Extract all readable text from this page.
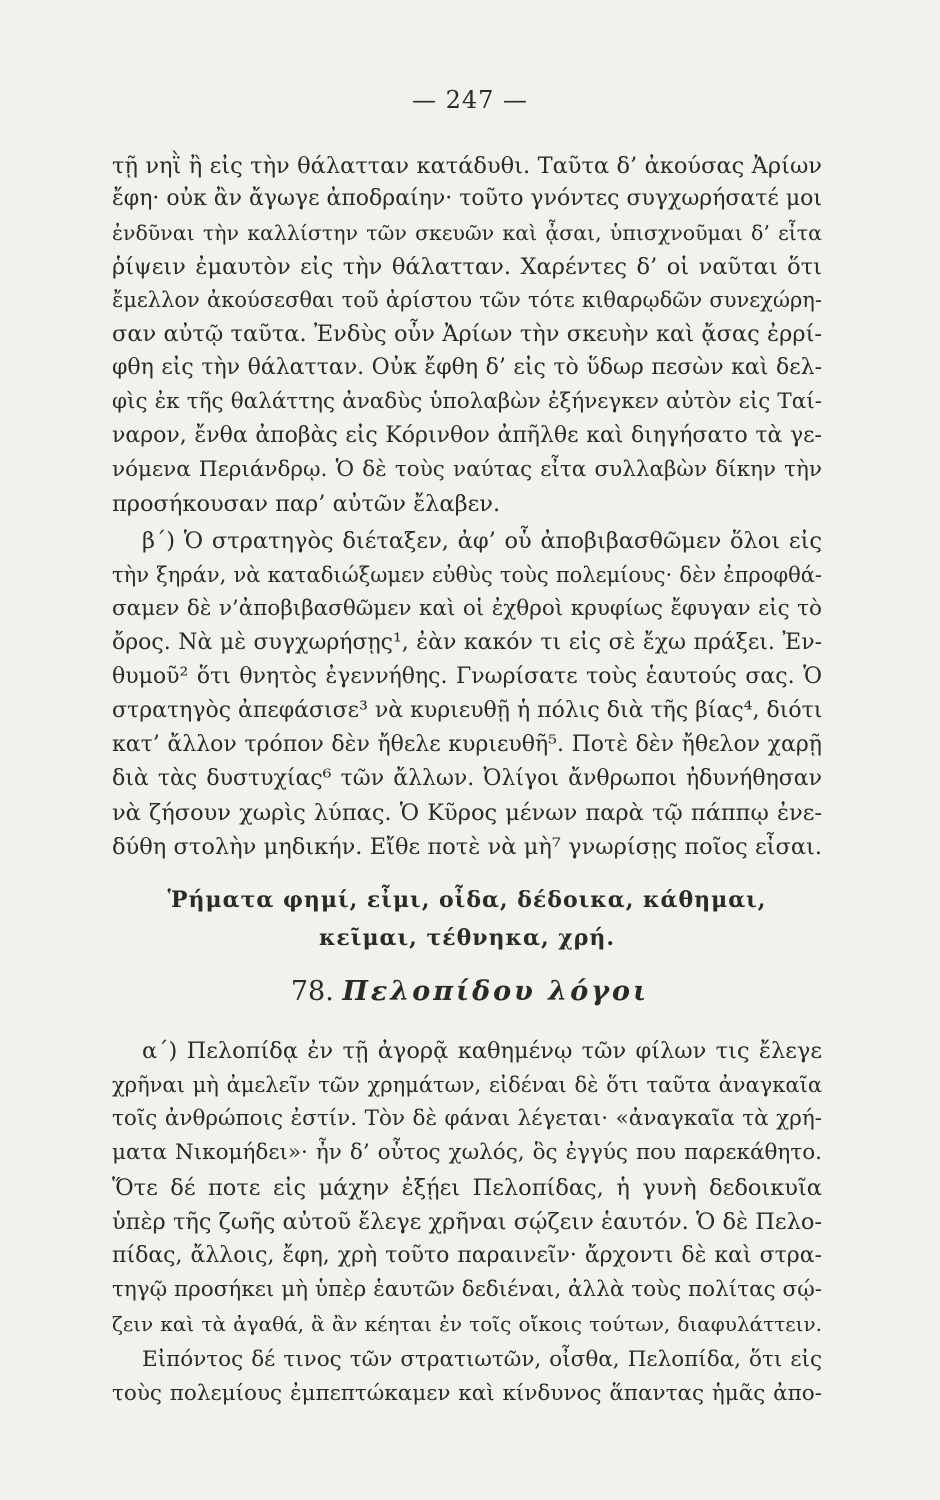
— 247 —
τῇ νηῒ ἢ εἰς τὴν θάλατταν κατάδυθι. Ταῦτα δ’ ἀκούσας Ἀρίων
ἔφη· οὐκ ἂν ἄγωγε ἀποδραίην· τοῦτο γνόντες συγχωρήσατέ μοι
ἐνδῦναι τὴν καλλίστην τῶν σκευῶν καὶ ᾆσαι, ὑπισχνοῦμαι δ’ εἶτα
ῥίψειν ἐμαυτὸν εἰς τὴν θάλατταν. Χαρέντες δ’ οἱ ναῦται ὅτι
ἔμελλον ἀκούσεσθαι τοῦ ἀρίστου τῶν τότε κιθαρῳδῶν συνεχώρη-
σαν αὐτῷ ταῦτα. Ἐνδὺς οὖν Ἀρίων τὴν σκευὴν καὶ ᾄσας ἐρρί-
φθη εἰς τὴν θάλατταν. Οὐκ ἔφθη δ’ εἰς τὸ ὕδωρ πεσὼν καὶ δελ-
φὶς ἐκ τῆς θαλάττης ἀναδὺς ὑπολαβὼν ἐξήνεγκεν αὐτὸν εἰς Ταί-
ναρον, ἔνθα ἀποβὰς εἰς Κόρινθον ἀπῆλθε καὶ διηγήσατο τὰ γε-
νόμενα Περιάνδρῳ. Ὁ δὲ τοὺς ναύτας εἶτα συλλαβὼν δίκην τὴν
προσήκουσαν παρ’ αὐτῶν ἔλαβεν.
β΄) Ὁ στρατηγὸς διέταξεν, ἀφ’ οὗ ἀποβιβασθῶμεν ὅλοι εἰς
τὴν ξηράν, νὰ καταδιώξωμεν εὐθὺς τοὺς πολεμίους· δὲν ἐπροφθά-
σαμεν δὲ ν’ἀποβιβασθῶμεν καὶ οἱ ἐχθροὶ κρυφίως ἔφυγαν εἰς τὸ
ὄρος. Νὰ μὲ συγχωρήσῃς¹, ἐὰν κακόν τι εἰς σὲ ἔχω πράξει. Ἐν-
θυμοῦ² ὅτι θνητὸς ἐγεννήθης. Γνωρίσατε τοὺς ἑαυτούς σας. Ὁ
στρατηγὸς ἀπεφάσισε³ νὰ κυριευθῇ ἡ πόλις διὰ τῆς βίας⁴, διότι
κατ’ ἄλλον τρόπον δὲν ἤθελε κυριευθῆ⁵. Ποτὲ δὲν ἤθελον χαρῇ
διὰ τὰς δυστυχίας⁶ τῶν ἄλλων. Ὀλίγοι ἄνθρωποι ἠδυνήθησαν
νὰ ζήσουν χωρὶς λύπας. Ὁ Κῦρος μένων παρὰ τῷ πάππῳ ἐνε-
δύθη στολὴν μηδικήν. Εἴθε ποτὲ νὰ μὴ⁷ γνωρίσῃς ποῖος εἶσαι.
Ῥήματα φημί, εἶμι, οἶδα, δέδοικα, κάθημαι,
κεῖμαι, τέθνηκα, χρή.
78. Πελοπίδου λόγοι
α΄) Πελοπίδᾳ ἐν τῇ ἀγορᾷ καθημένῳ τῶν φίλων τις ἔλεγε
χρῆναι μὴ ἀμελεῖν τῶν χρημάτων, εἰδέναι δὲ ὅτι ταῦτα ἀναγκαῖα
τοῖς ἀνθρώποις ἐστίν. Τὸν δὲ φάναι λέγεται· «ἀναγκαῖα τὰ χρή-
ματα Νικομήδει»· ἦν δ’ οὗτος χωλός, ὃς ἐγγύς που παρεκάθητο.
Ὅτε δέ ποτε εἰς μάχην ἐξῄει Πελοπίδας, ἡ γυνὴ δεδοικυῖα
ὑπὲρ τῆς ζωῆς αὐτοῦ ἔλεγε χρῆναι σῴζειν ἑαυτόν. Ὁ δὲ Πελο-
πίδας, ἄλλοις, ἔφη, χρὴ τοῦτο παραινεῖν· ἄρχοντι δὲ καὶ στρα-
τηγῷ προσήκει μὴ ὑπὲρ ἑαυτῶν δεδιέναι, ἀλλὰ τοὺς πολίτας σῴ-
ζειν καὶ τὰ ἀγαθά, ἃ ἂν κέηται ἐν τοῖς οἴκοις τούτων, διαφυλάττειν.
Εἰπόντος δέ τινος τῶν στρατιωτῶν, οἶσθα, Πελοπίδα, ὅτι εἰς
τοὺς πολεμίους ἐμπεπτώκαμεν καὶ κίνδυνος ἅπαντας ἡμᾶς ἀπο-
